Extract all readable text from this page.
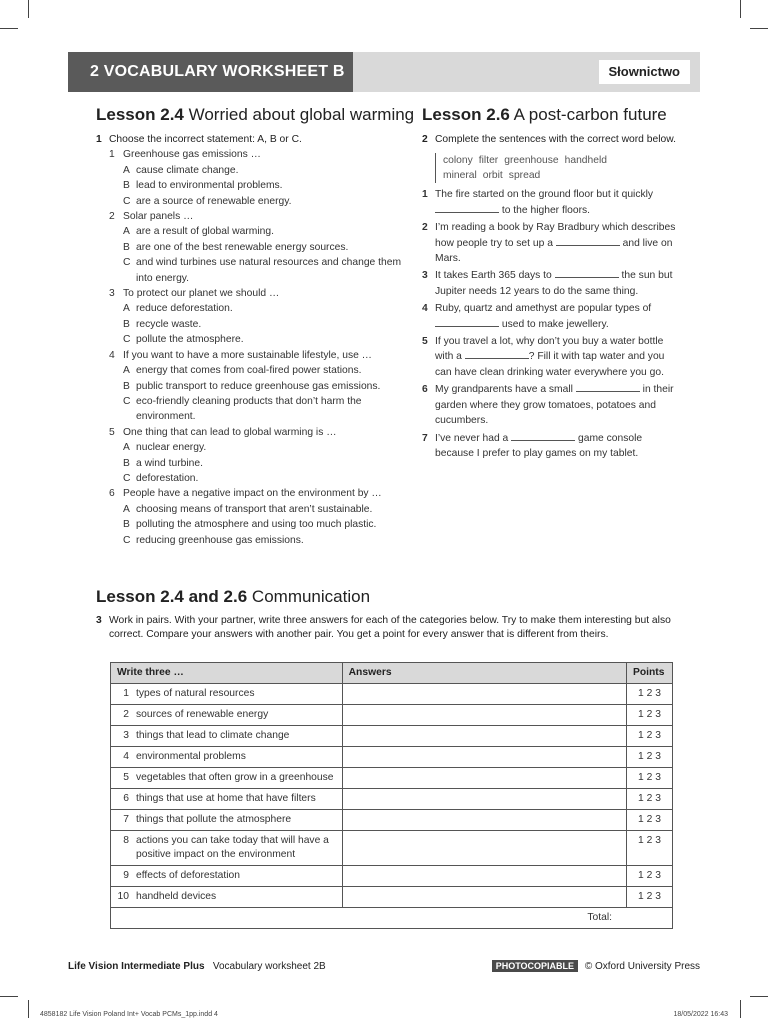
2 VOCABULARY WORKSHEET B	Słownictwo
Lesson 2.4 Worried about global warming Lesson 2.6 A post-carbon future
1 Choose the incorrect statement: A, B or C.
1 Greenhouse gas emissions …
A cause climate change.
B lead to environmental problems.
C are a source of renewable energy.
2 Solar panels …
A are a result of global warming.
B are one of the best renewable energy sources.
C and wind turbines use natural resources and change them into energy.
3 To protect our planet we should …
A reduce deforestation.
B recycle waste.
C pollute the atmosphere.
4 If you want to have a more sustainable lifestyle, use …
A energy that comes from coal-fired power stations.
B public transport to reduce greenhouse gas emissions.
C eco-friendly cleaning products that don’t harm the environment.
5 One thing that can lead to global warming is …
A nuclear energy.
B a wind turbine.
C deforestation.
6 People have a negative impact on the environment by …
A choosing means of transport that aren’t sustainable.
B polluting the atmosphere and using too much plastic.
C reducing greenhouse gas emissions.
2 Complete the sentences with the correct word below.
colony filter greenhouse handheld
mineral orbit spread
1 The fire started on the ground floor but it quickly  to the higher floors.
2 I’m reading a book by Ray Bradbury which describes how people try to set up a	and live on Mars.
3 It takes Earth 365 days to	the sun but Jupiter needs 12 years to do the same thing.
4 Ruby, quartz and amethyst are popular types of  used to make jewellery.
5 If you travel a lot, why don’t you buy a water bottle with a	? Fill it with tap water and you can have clean drinking water everywhere you go.
6 My grandparents have a small	in their garden where they grow tomatoes, potatoes and cucumbers.
7 I’ve never had a	game console because I prefer to play games on my tablet.
Lesson 2.4 and 2.6 Communication
3 Work in pairs. With your partner, write three answers for each of the categories below. Try to make them interesting but also correct. Compare your answers with another pair. You get a point for every answer that is different from theirs.
Write three …	Answers	Points

1 types of natural resources		1 2 3

2 sources of renewable energy		1 2 3

3 things that lead to climate change		1 2 3

4 environmental problems		1 2 3

5 vegetables that often grow in a greenhouse		1 2 3

6 things that use at home that have filters		1 2 3

7 things that pollute the atmosphere		1 2 3

8 actions you can take today that will have a positive impact on the environment		1 2 3

9 effects of deforestation		1 2 3

10 handheld devices		1 2 3
Total:		
Life Vision Intermediate Plus Vocabulary worksheet 2B	PHOTOCOPIABLE © Oxford University Press
4858182 Life Vision Poland Int+ Vocab PCMs_1pp.indd 4	18/05/2022 16:43
